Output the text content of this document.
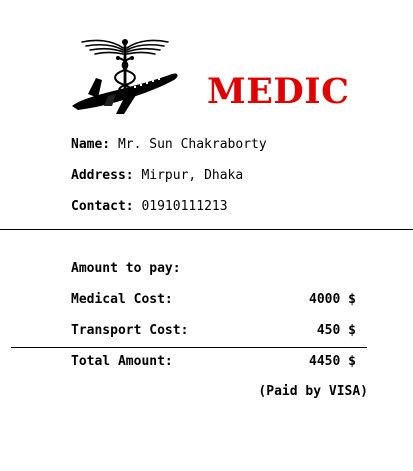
MEDIC
Name: Mr. Sun Chakraborty
Address: Mirpur, Dhaka
Contact: 01910111213
Amount to pay:
Medical Cost:	4000 $
Transport Cost:	450 $
Total Amount:	4450 $
(Paid by VISA)
